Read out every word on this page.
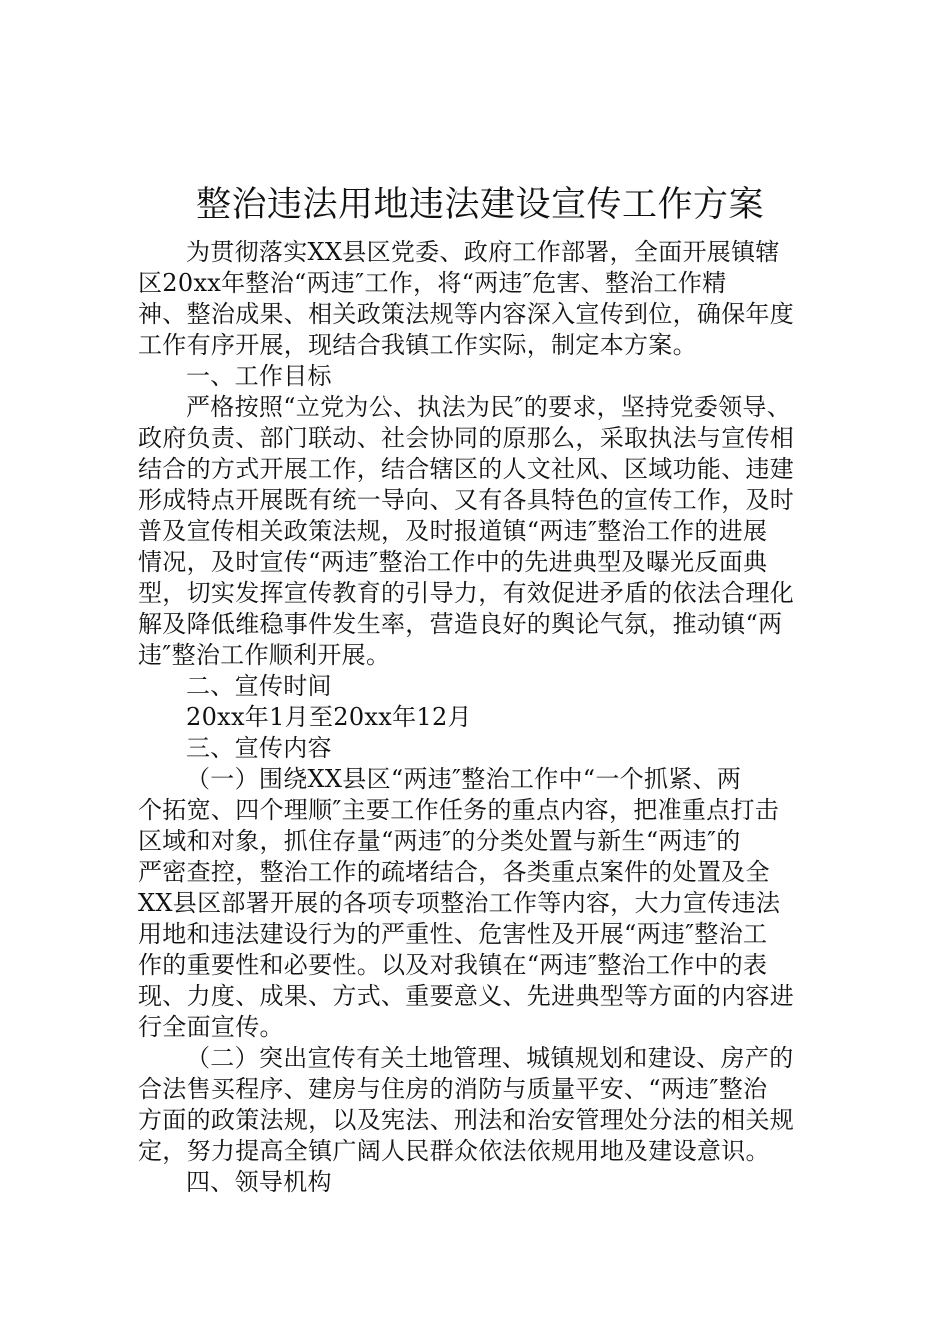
整治违法用地违法建设宣传工作方案
为贯彻落实XX县区党委、政府工作部署，全面开展镇辖
区20xx年整治“两违″工作，将“两违″危害、整治工作精
神、整治成果、相关政策法规等内容深入宣传到位，确保年度
工作有序开展，现结合我镇工作实际，制定本方案。
一、工作目标
严格按照“立党为公、执法为民″的要求，坚持党委领导、
政府负责、部门联动、社会协同的原那么，采取执法与宣传相
结合的方式开展工作，结合辖区的人文社风、区域功能、违建
形成特点开展既有统一导向、又有各具特色的宣传工作，及时
普及宣传相关政策法规，及时报道镇“两违″整治工作的进展
情况，及时宣传“两违″整治工作中的先进典型及曝光反面典
型，切实发挥宣传教育的引导力，有效促进矛盾的依法合理化
解及降低维稳事件发生率，营造良好的舆论气氛，推动镇“两
违″整治工作顺利开展。
二、宣传时间
20xx年1月至20xx年12月
三、宣传内容
（一）围绕XX县区“两违″整治工作中“一个抓紧、两
个拓宽、四个理顺″主要工作任务的重点内容，把准重点打击
区域和对象，抓住存量“两违″的分类处置与新生“两违″的
严密查控，整治工作的疏堵结合，各类重点案件的处置及全
XX县区部署开展的各项专项整治工作等内容，大力宣传违法
用地和违法建设行为的严重性、危害性及开展“两违″整治工
作的重要性和必要性。以及对我镇在“两违″整治工作中的表
现、力度、成果、方式、重要意义、先进典型等方面的内容进
行全面宣传。
（二）突出宣传有关土地管理、城镇规划和建设、房产的
合法售买程序、建房与住房的消防与质量平安、“两违″整治
方面的政策法规，以及宪法、刑法和治安管理处分法的相关规
定，努力提高全镇广阔人民群众依法依规用地及建设意识。
四、领导机构
